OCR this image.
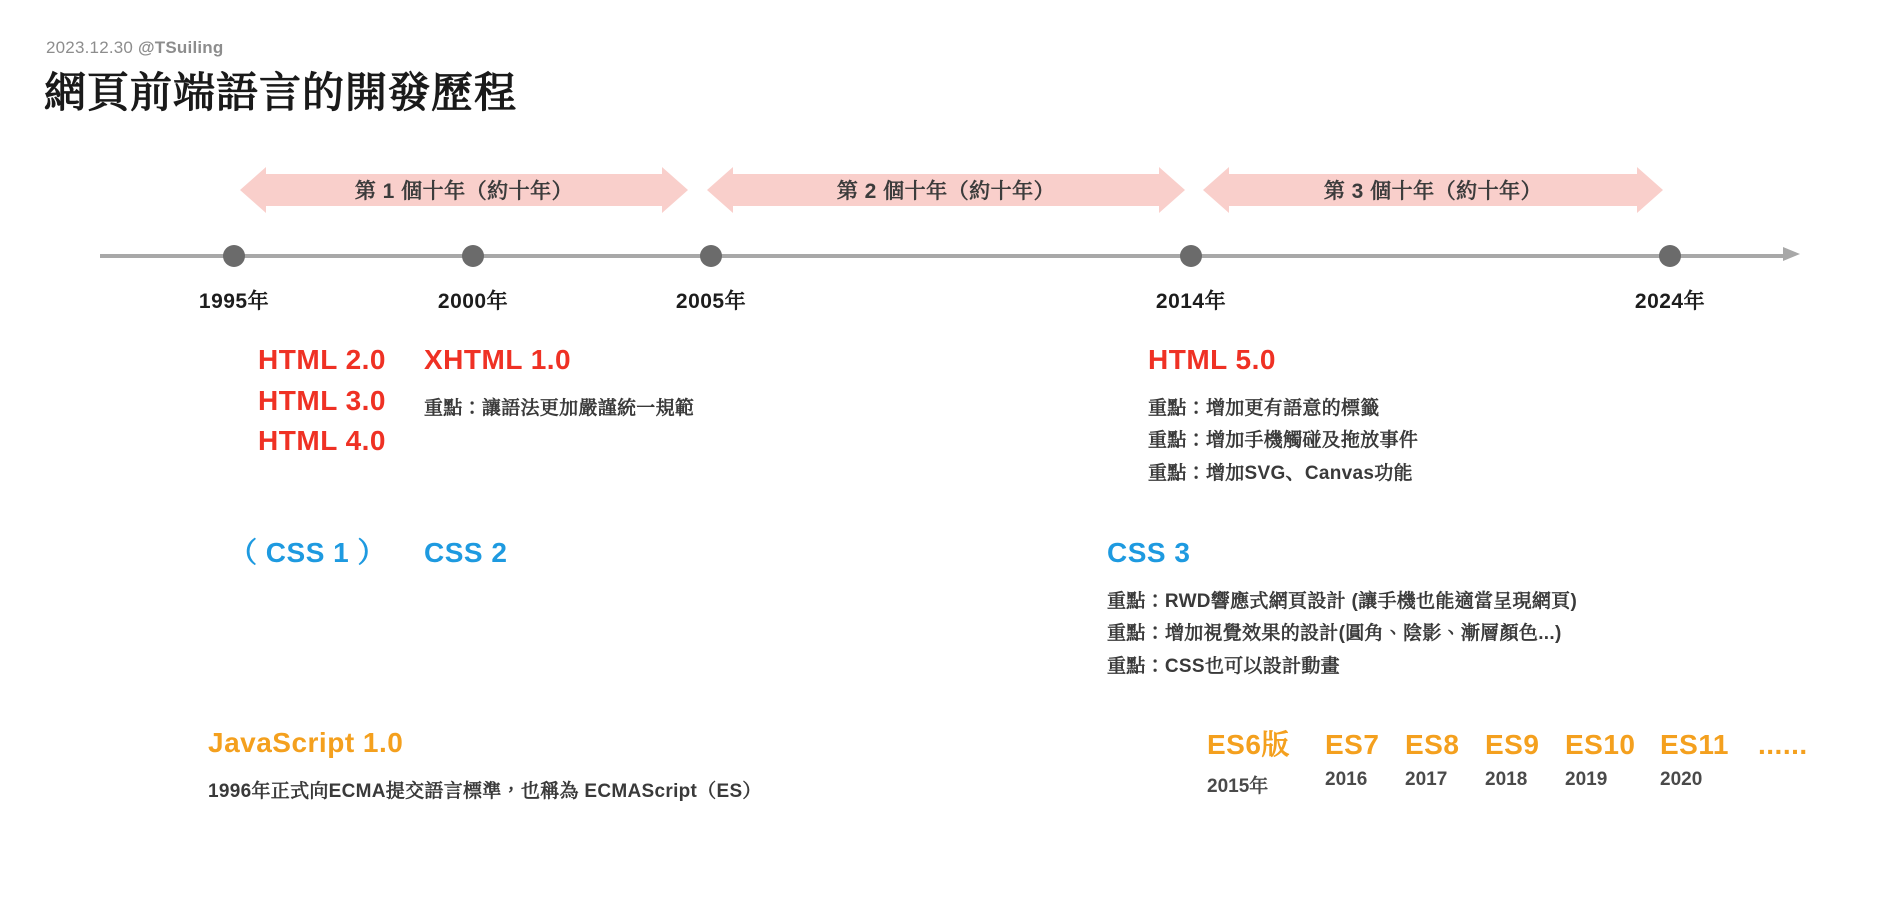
2023.12.30 @TSuiling
網頁前端語言的開發歷程
第 1 個十年（約十年）	第 2 個十年（約十年）	第 3 個十年（約十年）
1995年	2000年	2005年	2014年	2024年
HTML 2.0
HTML 3.0
HTML 4.0
XHTML 1.0
重點：讓語法更加嚴謹統一規範
HTML 5.0
重點：增加更有語意的標籤
重點：增加手機觸碰及拖放事件
重點：增加SVG、Canvas功能
（ CSS 1 ） CSS 2	CSS 3
重點：RWD響應式網頁設計 (讓手機也能適當呈現網頁)
重點：增加視覺效果的設計(圓角、陰影、漸層顏色...)
重點：CSS也可以設計動畫
JavaScript 1.0
1996年正式向ECMA提交語言標準，也稱為 ECMAScript（ES）
ES6版
2015年
ES7
2016
ES8
2017
ES9
2018
ES10
2019
ES11
2020
......
